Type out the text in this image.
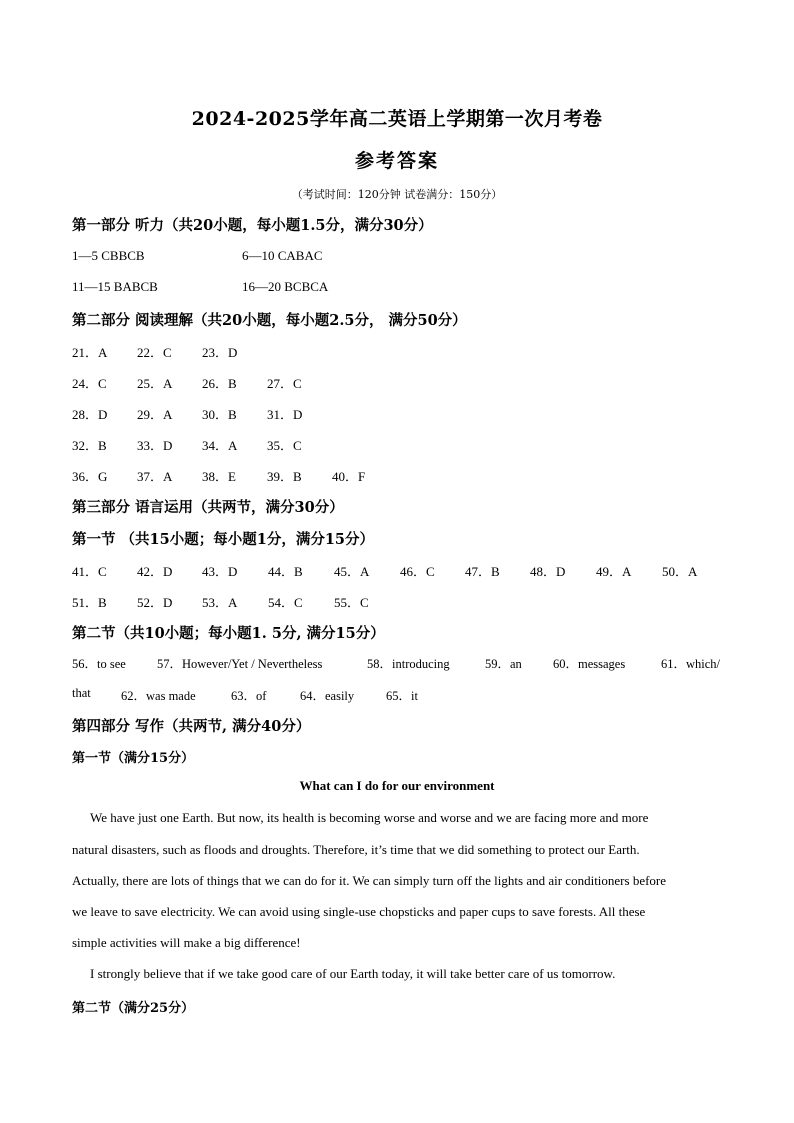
2024-2025学年高二英语上学期第一次月考卷
参考答案
（考试时间：120分钟 试卷满分：150分）
第一部分 听力（共20小题，每小题1.5分，满分30分）
1—5 CBBCB	6—10 CABAC
11—15 BABCB	16—20 BCBCA
第二部分 阅读理解（共20小题，每小题2.5分， 满分50分）
21．A 22．C 23．D
24．C 25．A 26．B 27．C
28．D 29．A 30．B 31．D
32．B 33．D 34．A 35．C
36．G 37．A 38．E 39．B 40．F
第三部分 语言运用（共两节，满分30分）
第一节 （共15小题；每小题1分，满分15分）
41．C 42．D 43．D 44．B 45．A 46．C 47．B 48．D 49．A 50．A
51．B 52．D 53．A 54．C 55．C
第二节（共10小题；每小题1. 5分, 满分15分）
56．to see 57．However/Yet / Nevertheless	58．introducing	59．an 60．messages	61．which/
that 62．was made	63．of	64．easily	65．it
第四部分 写作（共两节, 满分40分）
第一节（满分15分）
What can I do for our environment
We have just one Earth. But now, its health is becoming worse and worse and we are facing more and more
natural disasters, such as floods and droughts. Therefore, it’s time that we did something to protect our Earth.
Actually, there are lots of things that we can do for it. We can simply turn off the lights and air conditioners before
we leave to save electricity. We can avoid using single-use chopsticks and paper cups to save forests. All these
simple activities will make a big difference!
I strongly believe that if we take good care of our Earth today, it will take better care of us tomorrow.
第二节（满分25分）
